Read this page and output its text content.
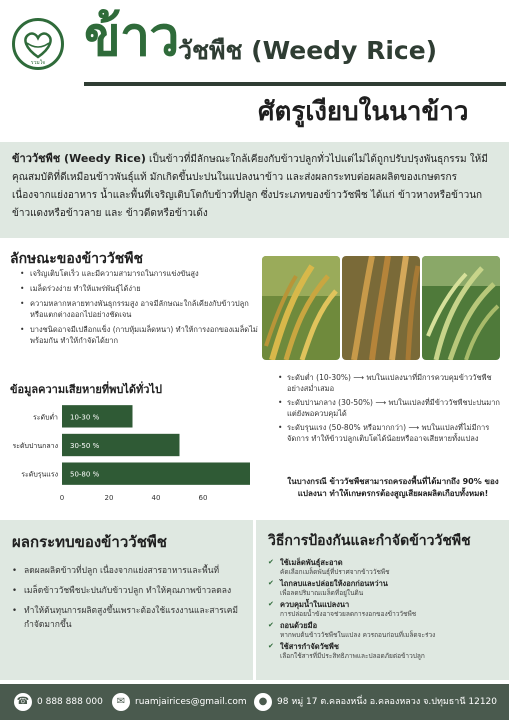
รวมใจ ข้าว วัชพืช (Weedy Rice)
ศัตรูเงียบในนาข้าว
ข้าววัชพืช (Weedy Rice) เป็นข้าวที่มีลักษณะใกล้เคียงกับข้าวปลูกทั่วไปแต่ไม่ได้ถูกปรับปรุงพันธุกรรม ให้มีคุณสมบัติที่ดีเหมือนข้าวพันธุ์แท้ มักเกิดขึ้นปะปนในแปลงนาข้าว และส่งผลกระทบต่อผลผลิตของเกษตรกร เนื่องจากแย่งอาหาร น้ำและพื้นที่เจริญเติบโตกับข้าวที่ปลูก ซึ่งประเภทของข้าววัชพืช ได้แก่ ข้าวหางหรือข้าวนก ข้าวแดงหรือข้าวลาย และ ข้าวดีดหรือข้าวเด้ง
ลักษณะของข้าววัชพืช
• เจริญเติบโตเร็ว และมีความสามารถในการแข่งขันสูง
• เมล็ดร่วงง่าย ทำให้แพร่พันธุ์ได้ง่าย
• ความหลากหลายทางพันธุกรรมสูง อาจมีลักษณะใกล้เคียงกับข้าวปลูก หรือแตกต่างออกไปอย่างชัดเจน
• บางชนิดอาจมีเปลือกแข็ง (กาบหุ้มเมล็ดหนา) ทำให้การงอกของเมล็ดไม่พร้อมกัน ทำให้กำจัดได้ยาก
ข้อมูลความเสียหายที่พบได้ทั่วไป
10-30 %
ระดับต่ำ
30-50 %
ระดับปานกลาง
50-80 %
ระดับรุนแรง
0	20	40	60
• ระดับต่ำ (10-30%) ⟶ พบในแปลงนาที่มีการควบคุมข้าววัชพืชอย่างสม่ำเสมอ
• ระดับปานกลาง (30-50%) ⟶ พบในแปลงที่มีข้าววัชพืชปะปนมาก แต่ยังพอควบคุมได้
• ระดับรุนแรง (50-80% หรือมากกว่า) ⟶ พบในแปลงที่ไม่มีการจัดการ ทำให้ข้าวปลูกเติบโตได้น้อยหรืออาจเสียหายทั้งแปลง
ในบางกรณี ข้าววัชพืชสามารถครองพื้นที่ได้มากถึง 90% ของแปลงนา ทำให้เกษตรกรต้องสูญเสียผลผลิตเกือบทั้งหมด!
ผลกระทบของข้าววัชพืช
• ลดผลผลิตข้าวที่ปลูก เนื่องจากแย่งสารอาหารและพื้นที่
• เมล็ดข้าววัชพืชปะปนกับข้าวปลูก ทำให้คุณภาพข้าวลดลง
• ทำให้ต้นทุนการผลิตสูงขึ้นเพราะต้องใช้แรงงานและสารเคมีกำจัดมากขึ้น
วิธีการป้องกันและกำจัดข้าววัชพืช
✔ ใช้เมล็ดพันธุ์สะอาด
คัดเลือกเมล็ดพันธุ์ที่ปราศจากข้าววัชพืช
✔ ไถกลบและปล่อยให้งอกก่อนหว่าน
เพื่อลดปริมาณเมล็ดที่อยู่ในดิน
✔ ควบคุมน้ำในแปลงนา
การปล่อยน้ำขังอาจช่วยลดการงอกของข้าววัชพืช
✔ ถอนด้วยมือ
หากพบต้นข้าววัชพืชในแปลง ควรถอนก่อนที่เมล็ดจะร่วง
✔ ใช้สารกำจัดวัชพืช
เลือกใช้สารที่มีประสิทธิภาพและปลอดภัยต่อข้าวปลูก
☎ 0 888 888 000	✉	ruamjairices@gmail.com	●	98 หมู่ 17 ต.คลองหนึ่ง อ.คลองหลวง จ.ปทุมธานี 12120
